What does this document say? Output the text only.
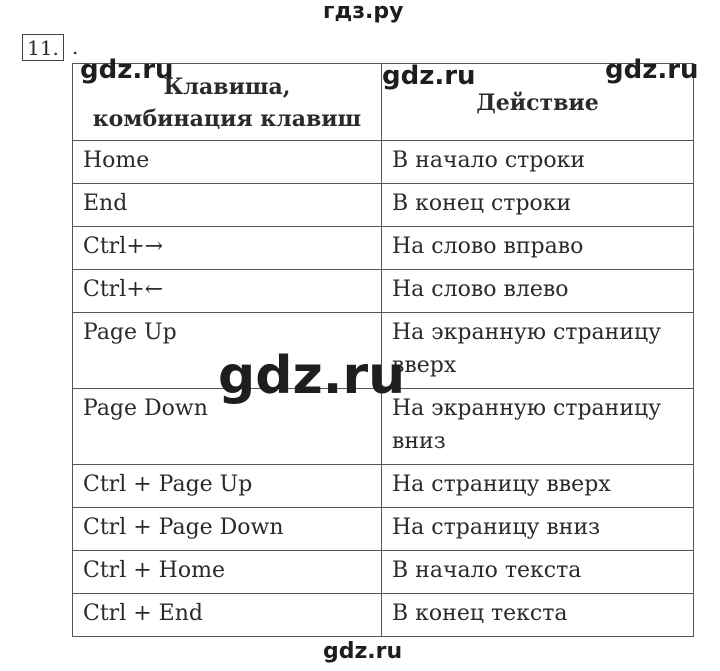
гдз.ру
11. .
Клавиша, комбинация клавиш	Действие
Home	В начало строки
End	В конец строки
Ctrl+→	На слово вправо
Ctrl+←	На слово влево
Page Up	На экранную страницу вверх
Page Down	На экранную страницу вниз
Ctrl + Page Up	На страницу вверх
Ctrl + Page Down	На страницу вниз
Ctrl + Home	В начало текста
Ctrl + End	В конец текста
gdz.ru	gdz.ru	gdz.ru
gdz.ru
gdz.ru
